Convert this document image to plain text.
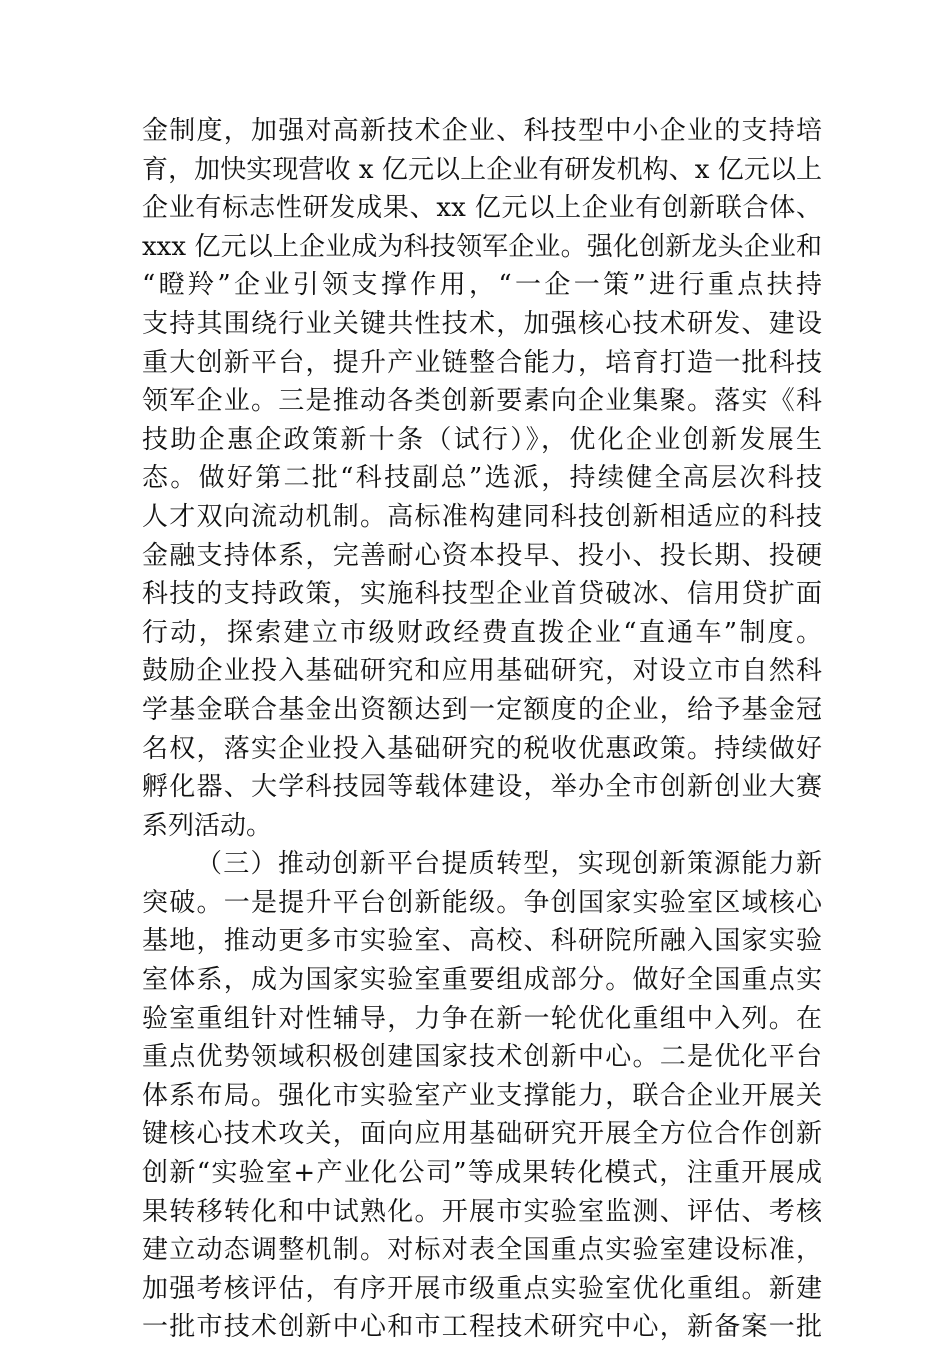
金制度，加强对高新技术企业、科技型中小企业的支持培
育，加快实现营收 x 亿元以上企业有研发机构、x 亿元以上
企业有标志性研发成果、xx 亿元以上企业有创新联合体、
xxx 亿元以上企业成为科技领军企业。强化创新龙头企业和
“瞪羚”企业引领支撑作用，“一企一策”进行重点扶持
支持其围绕行业关键共性技术，加强核心技术研发、建设
重大创新平台，提升产业链整合能力，培育打造一批科技
领军企业。三是推动各类创新要素向企业集聚。落实《科
技助企惠企政策新十条（试行）》，优化企业创新发展生
态。做好第二批“科技副总”选派，持续健全高层次科技
人才双向流动机制。高标准构建同科技创新相适应的科技
金融支持体系，完善耐心资本投早、投小、投长期、投硬
科技的支持政策，实施科技型企业首贷破冰、信用贷扩面
行动，探索建立市级财政经费直拨企业“直通车”制度。
鼓励企业投入基础研究和应用基础研究，对设立市自然科
学基金联合基金出资额达到一定额度的企业，给予基金冠
名权，落实企业投入基础研究的税收优惠政策。持续做好
孵化器、大学科技园等载体建设，举办全市创新创业大赛
系列活动。
（三）推动创新平台提质转型，实现创新策源能力新
突破。一是提升平台创新能级。争创国家实验室区域核心
基地，推动更多市实验室、高校、科研院所融入国家实验
室体系，成为国家实验室重要组成部分。做好全国重点实
验室重组针对性辅导，力争在新一轮优化重组中入列。在
重点优势领域积极创建国家技术创新中心。二是优化平台
体系布局。强化市实验室产业支撑能力，联合企业开展关
键核心技术攻关，面向应用基础研究开展全方位合作创新
创新“实验室+产业化公司”等成果转化模式，注重开展成
果转移转化和中试熟化。开展市实验室监测、评估、考核
建立动态调整机制。对标对表全国重点实验室建设标准，
加强考核评估，有序开展市级重点实验室优化重组。新建
一批市技术创新中心和市工程技术研究中心，新备案一批
